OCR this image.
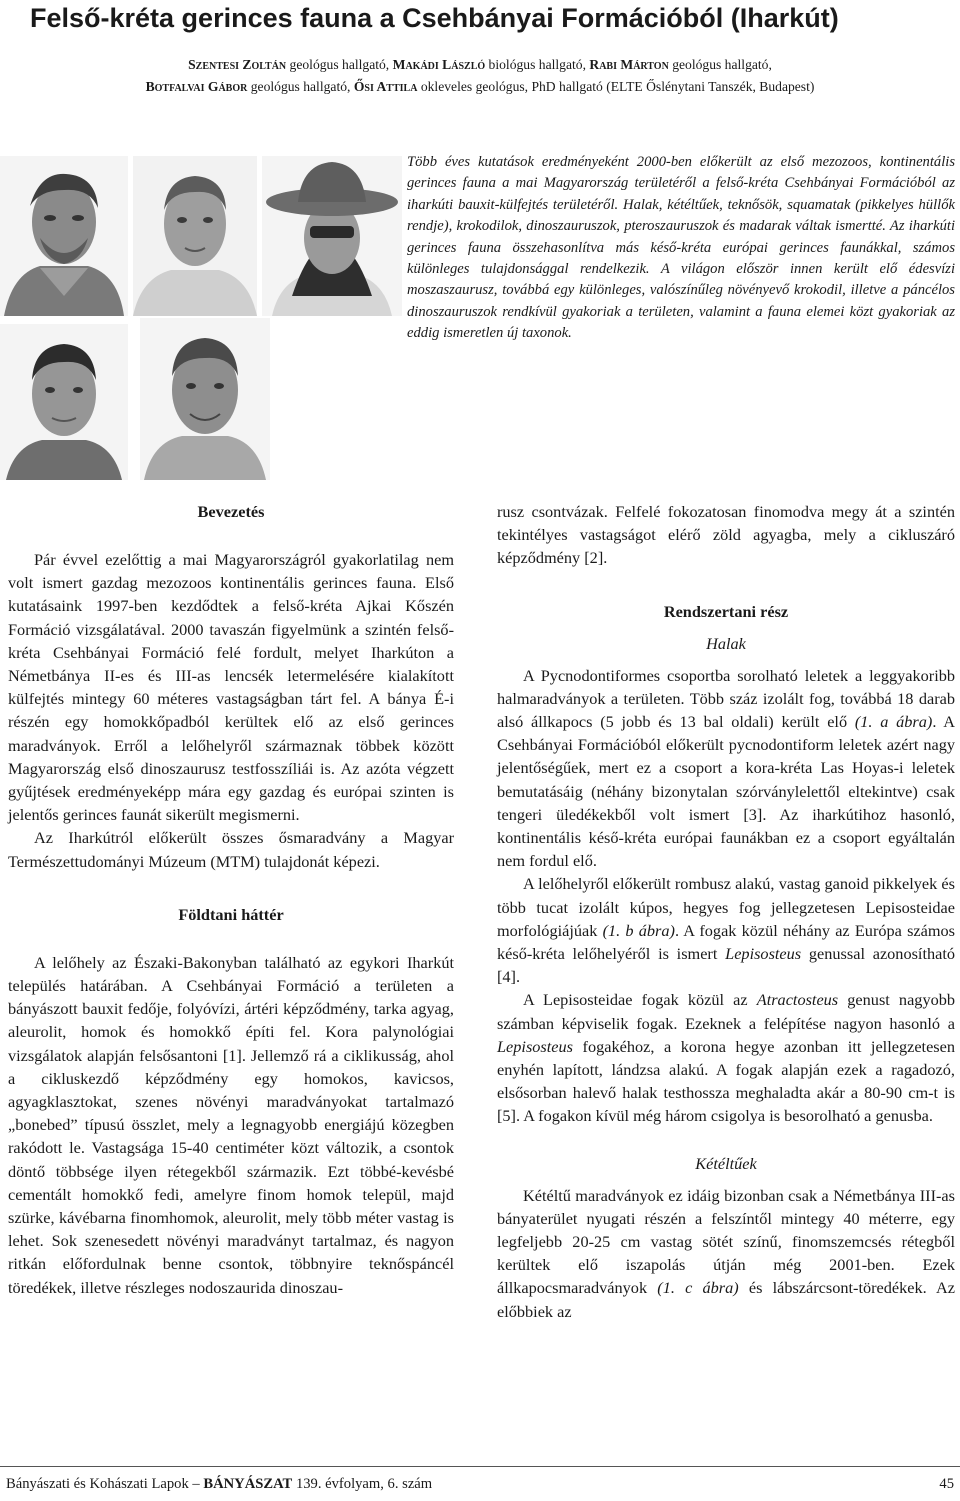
Felső-kréta gerinces fauna a Csehbányai Formációból (Iharkút)
Szentesi Zoltán geológus hallgató, Makádi László biológus hallgató, Rabi Márton geológus hallgató,
Botfalvai Gábor geológus hallgató, Ősi Attila okleveles geológus, PhD hallgató (ELTE Őslénytani Tanszék, Budapest)

Több éves kutatások eredményeként 2000-ben előkerült az első mezozoos, kontinentális gerinces fauna a mai Magyarország területéről a felső-kréta Csehbányai Formációból az iharkúti bauxit-külfejtés területéről. Halak, kétéltűek, teknősök, squamatak (pikkelyes hüllők rendje), krokodilok, dinoszauruszok, pteroszauruszok és madarak váltak ismertté. Az iharkúti gerinces fauna összehasonlítva más késő-kréta európai gerinces faunákkal, számos különleges tulajdonsággal rendelkezik. A világon először innen került elő édesvízi moszaszaurusz, továbbá egy különleges, valószínűleg növényevő krokodil, illetve a páncélos dinoszauruszok rendkívül gyakoriak a területen, valamint a fauna elemei közt gyakoriak az eddig ismeretlen új taxonok.

Bevezetés

Pár évvel ezelőttig a mai Magyarországról gyakorlatilag nem volt ismert gazdag mezozoos kontinentális gerinces fauna. Első kutatásaink 1997-ben kezdődtek a felső-kréta Ajkai Kőszén Formáció vizsgálatával. 2000 tavaszán figyelmünk a szintén felső-kréta Csehbányai Formáció felé fordult, melyet Iharkúton a Németbánya II-es és III-as lencsék letermelésére kialakított külfejtés mintegy 60 méteres vastagságban tárt fel. A bánya É-i részén egy homokkőpadból kerültek elő az első gerinces maradványok. Erről a lelőhelyről származnak többek között Magyarország első dinoszaurusz testfosszíliái is. Az azóta végzett gyűjtések eredményeképp mára egy gazdag és európai szinten is jelentős gerinces faunát sikerült megismerni.

Az Iharkútról előkerült összes ősmaradvány a Magyar Természettudományi Múzeum (MTM) tulajdonát képezi.

Földtani háttér

A lelőhely az Északi-Bakonyban található az egykori Iharkút település határában. A Csehbányai Formáció a területen a bányászott bauxit fedője, folyóvízi, ártéri képződmény, tarka agyag, aleurolit, homok és homokkő építi fel. Kora palynológiai vizsgálatok alapján felsősantoni [1]. Jellemző rá a ciklikusság, ahol a cikluskezdő képződmény egy homokos, kavicsos, agyagklasztokat, szenes növényi maradványokat tartalmazó „bonebed” típusú összlet, mely a legnagyobb energiájú közegben rakódott le. Vastagsága 15-40 centiméter közt változik, a csontok döntő többsége ilyen rétegekből származik. Ezt többé-kevésbé cementált homokkő fedi, amelyre finom homok települ, majd szürke, kávébarna finomhomok, aleurolit, mely több méter vastag is lehet. Sok szenesedett növényi maradványt tartalmaz, és nagyon ritkán előfordulnak benne csontok, többnyire teknőspáncél töredékek, illetve részleges nodoszaurida dinoszau-

rusz csontvázak. Felfelé fokozatosan finomodva megy át a szintén tekintélyes vastagságot elérő zöld agyagba, mely a cikluszáró képződmény [2].

Rendszertani rész
Halak

A Pycnodontiformes csoportba sorolható leletek a leggyakoribb halmaradványok a területen. Több száz izolált fog, továbbá 18 darab alsó állkapocs (5 jobb és 13 bal oldali) került elő (1. a ábra). A Csehbányai Formációból előkerült pycnodontiform leletek azért nagy jelentőségűek, mert ez a csoport a kora-kréta Las Hoyas-i leletek bemutatásáig (néhány bizonytalan szórványlelettől eltekintve) csak tengeri üledékekből volt ismert [3]. Az iharkútihoz hasonló, kontinentális késő-kréta európai faunákban ez a csoport egyáltalán nem fordul elő.

A lelőhelyről előkerült rombusz alakú, vastag ganoid pikkelyek és több tucat izolált kúpos, hegyes fog jellegzetesen Lepisosteidae morfológiájúak (1. b ábra). A fogak közül néhány az Európa számos késő-kréta lelőhelyéről is ismert Lepisosteus genussal azonosítható [4].

A Lepisosteidae fogak közül az Atractosteus genust nagyobb számban képviselik fogak. Ezeknek a felépítése nagyon hasonló a Lepisosteus fogakéhoz, a korona hegye azonban itt jellegzetesen enyhén lapított, lándzsa alakú. A fogak alapján ezek a ragadozó, elsősorban halevő halak testhossza meghaladta akár a 80-90 cm-t is [5]. A fogakon kívül még három csigolya is besorolható a genusba.

Kétéltűek

Kétéltű maradványok ez idáig bizonban csak a Németbánya III-as bányaterület nyugati részén a felszíntől mintegy 40 méterre, egy legfeljebb 20-25 cm vastag sötét színű, finomszemcsés rétegből kerültek elő iszapolás útján még 2001-ben. Ezek állkapocsmaradványok (1. c ábra) és lábszárcsont-töredékek. Az előbbiek az

Bányászati és Kohászati Lapok – BÁNYÁSZAT 139. évfolyam, 6. szám	45
